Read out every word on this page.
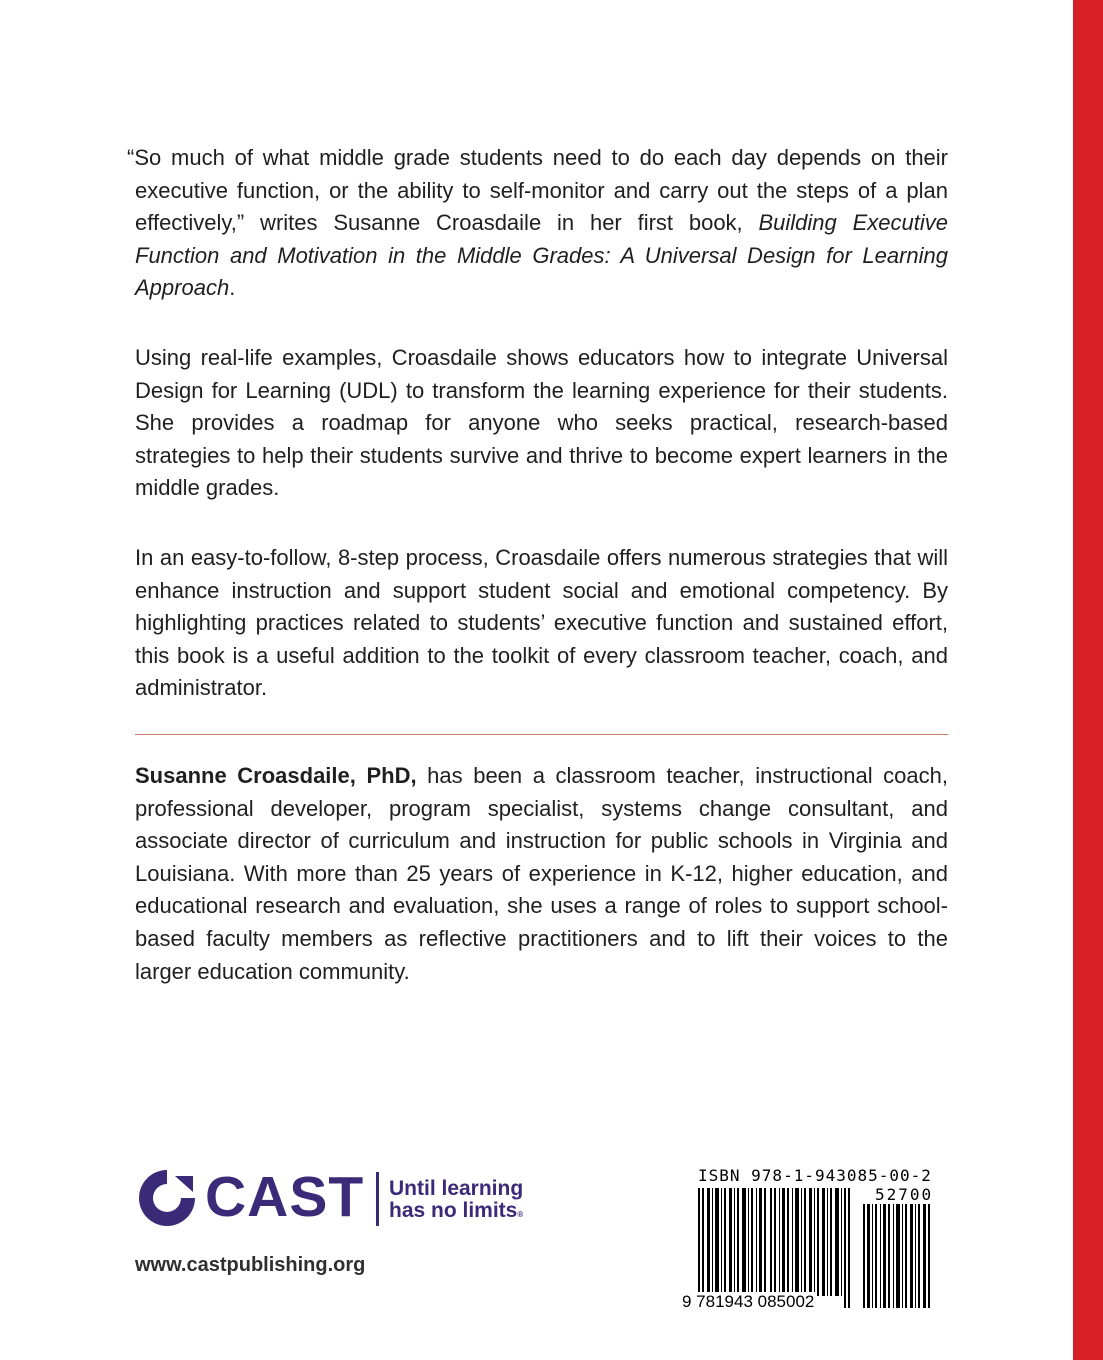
“So much of what middle grade students need to do each day depends on their executive function, or the ability to self-monitor and carry out the steps of a plan effectively,” writes Susanne Croasdaile in her first book, Building Executive Function and Motivation in the Middle Grades: A Universal Design for Learning Approach.

Using real-life examples, Croasdaile shows educators how to integrate Universal Design for Learning (UDL) to transform the learning experience for their students. She provides a roadmap for anyone who seeks practical, research-based strategies to help their students survive and thrive to become expert learners in the middle grades.

In an easy-to-follow, 8-step process, Croasdaile offers numerous strategies that will enhance instruction and support student social and emotional competency. By highlighting practices related to students’ executive function and sustained effort, this book is a useful addition to the toolkit of every classroom teacher, coach, and administrator.

Susanne Croasdaile, PhD, has been a classroom teacher, instructional coach, professional developer, program specialist, systems change consultant, and associate director of curriculum and instruction for public schools in Virginia and Louisiana. With more than 25 years of experience in K-12, higher education, and educational research and evaluation, she uses a range of roles to support school-based faculty members as reflective practitioners and to lift their voices to the larger education community.

CAST Until learning
has no limits®
www.castpublishing.org
ISBN 978-1-943085-00-2
52700
9 781943 085002
